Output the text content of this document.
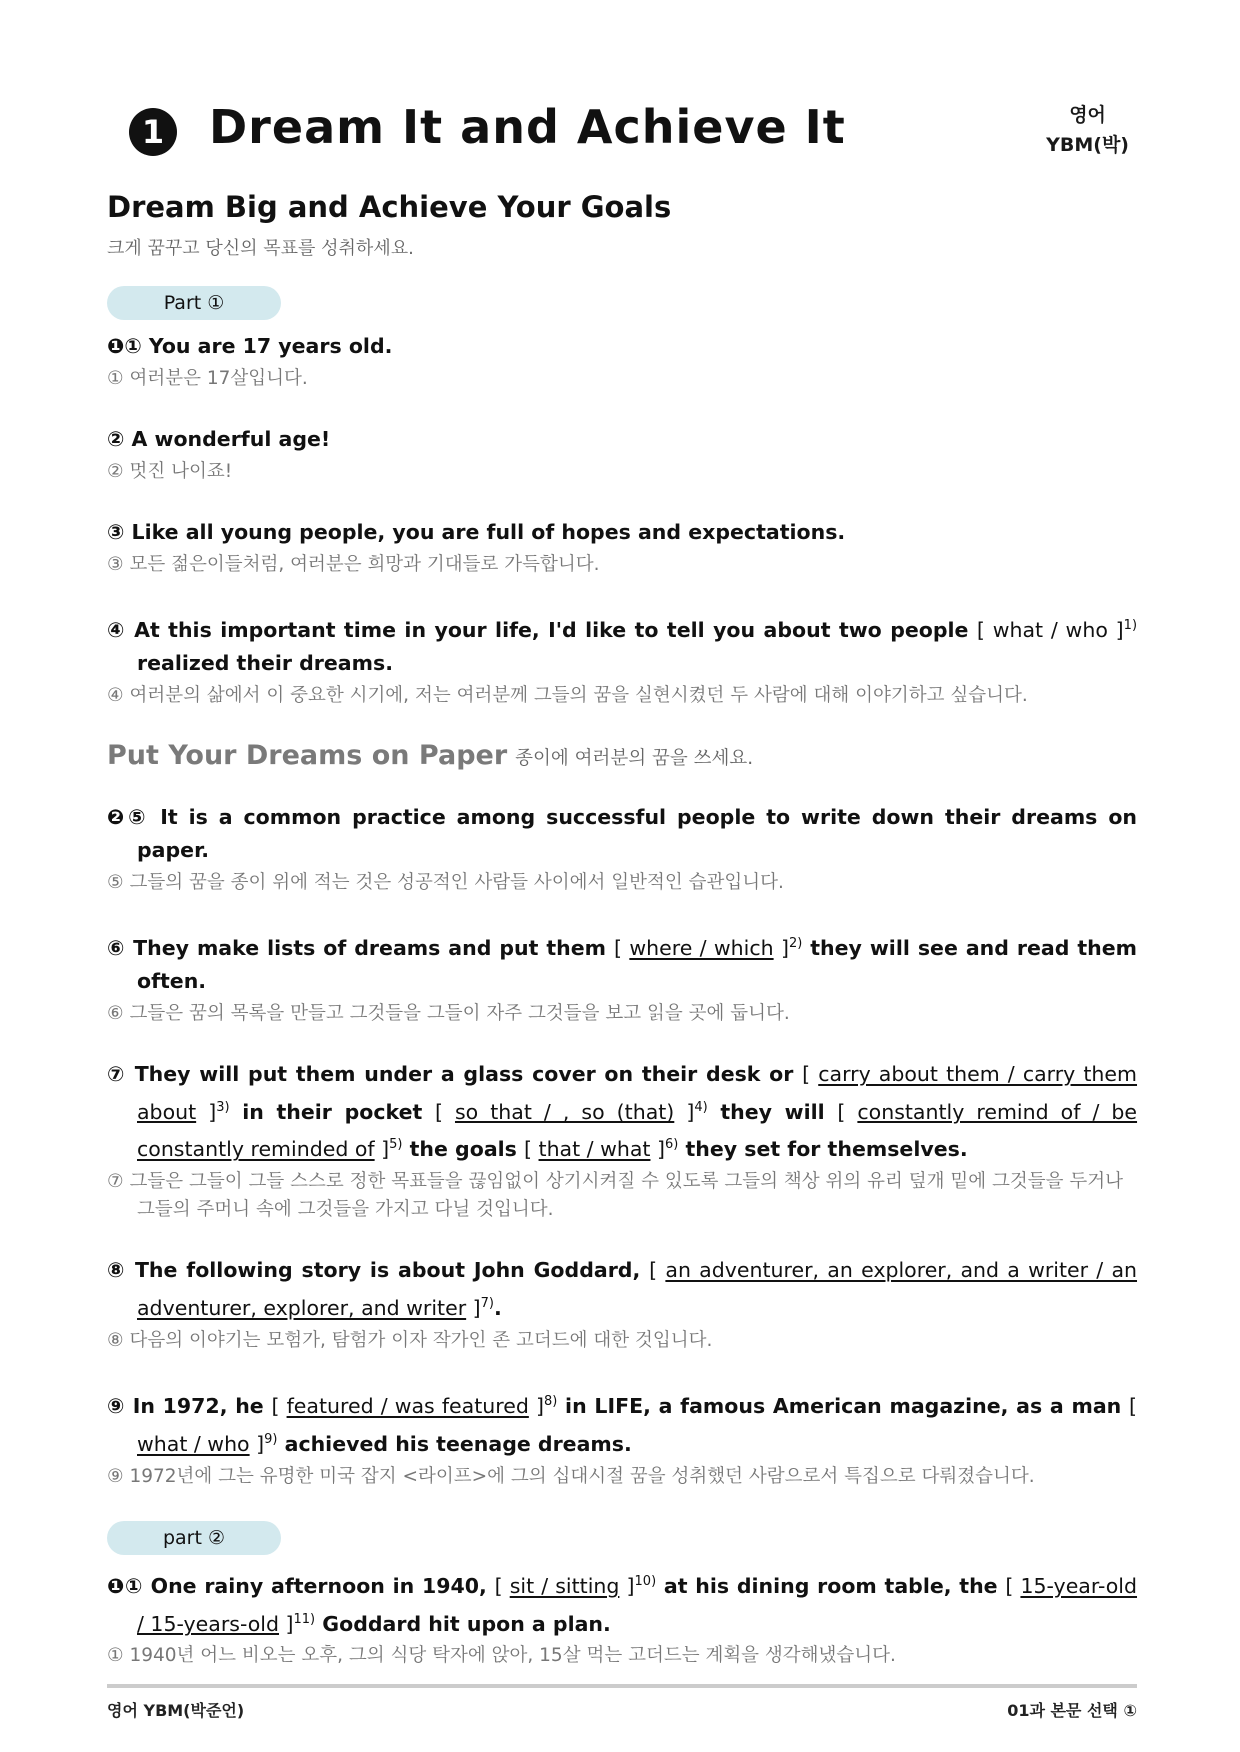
1 Dream It and Achieve It	영어
YBM(박)
Dream Big and Achieve Your Goals
크게 꿈꾸고 당신의 목표를 성취하세요.
Part ①
❶① You are 17 years old.
① 여러분은 17살입니다.
② A wonderful age!
② 멋진 나이죠!
③ Like all young people, you are full of hopes and expectations.
③ 모든 젊은이들처럼, 여러분은 희망과 기대들로 가득합니다.
④ At this important time in your life, I'd like to tell you about two people [ what / who ]$^{1)}$ realized their dreams.
④ 여러분의 삶에서 이 중요한 시기에, 저는 여러분께 그들의 꿈을 실현시켰던 두 사람에 대해 이야기하고 싶습니다.
Put Your Dreams on Paper 종이에 여러분의 꿈을 쓰세요.
❷⑤ It is a common practice among successful people to write down their dreams on paper.
⑤ 그들의 꿈을 종이 위에 적는 것은 성공적인 사람들 사이에서 일반적인 습관입니다.
⑥ They make lists of dreams and put them [ where / which ]$^{2)}$ they will see and read them often.
⑥ 그들은 꿈의 목록을 만들고 그것들을 그들이 자주 그것들을 보고 읽을 곳에 둡니다.
⑦ They will put them under a glass cover on their desk or [ carry about them / carry them about ]$^{3)}$ in their pocket [ so that / , so (that) ]$^{4)}$ they will [ constantly remind of / be constantly reminded of ]$^{5)}$ the goals [ that / what ]$^{6)}$ they set for themselves.
⑦ 그들은 그들이 그들 스스로 정한 목표들을 끊임없이 상기시켜질 수 있도록 그들의 책상 위의 유리 덮개 밑에 그것들을 두거나 그들의 주머니 속에 그것들을 가지고 다닐 것입니다.
⑧ The following story is about John Goddard, [ an adventurer, an explorer, and a writer / an adventurer, explorer, and writer ]$^{7)}$.
⑧ 다음의 이야기는 모험가, 탐험가 이자 작가인 존 고더드에 대한 것입니다.
⑨ In 1972, he [ featured / was featured ]$^{8)}$ in LIFE, a famous American magazine, as a man [ what / who ]$^{9)}$ achieved his teenage dreams.
⑨ 1972년에 그는 유명한 미국 잡지 <라이프>에 그의 십대시절 꿈을 성취했던 사람으로서 특집으로 다뤄졌습니다.
part ②
❶① One rainy afternoon in 1940, [ sit / sitting ]$^{10)}$ at his dining room table, the [ 15-year-old / 15-years-old ]$^{11)}$ Goddard hit upon a plan.
① 1940년 어느 비오는 오후, 그의 식당 탁자에 앉아, 15살 먹는 고더드는 계획을 생각해냈습니다.
영어 YBM(박준언)	01과 본문 선택 ①
